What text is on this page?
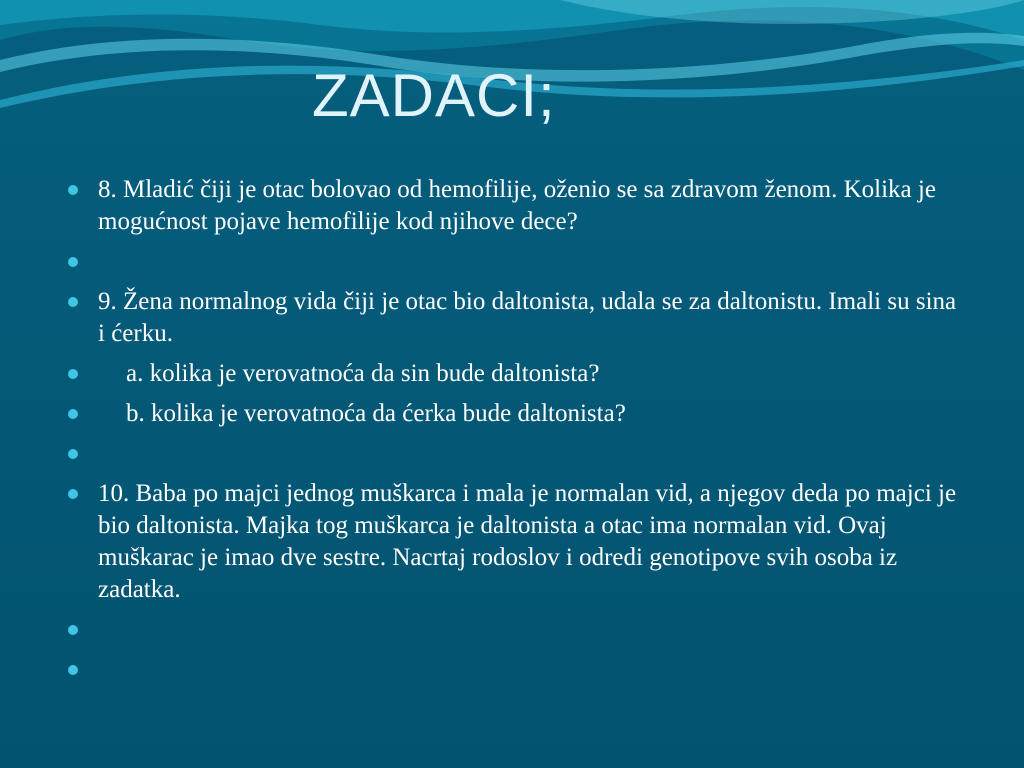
ZADACI;
8. Mladić čiji je otac bolovao od hemofilije, oženio se sa zdravom ženom. Kolika je mogućnost pojave hemofilije kod njihove dece?
9. Žena normalnog vida čiji je otac bio daltonista, udala se za daltonistu. Imali su sina i ćerku.
a. kolika je verovatnoća da sin bude daltonista?
b. kolika je verovatnoća da ćerka bude daltonista?
10. Baba po majci jednog muškarca i mala je normalan vid, a njegov deda po majci je bio daltonista. Majka tog muškarca je daltonista a otac ima normalan vid. Ovaj muškarac je imao dve sestre. Nacrtaj rodoslov i odredi genotipove svih osoba iz zadatka.
